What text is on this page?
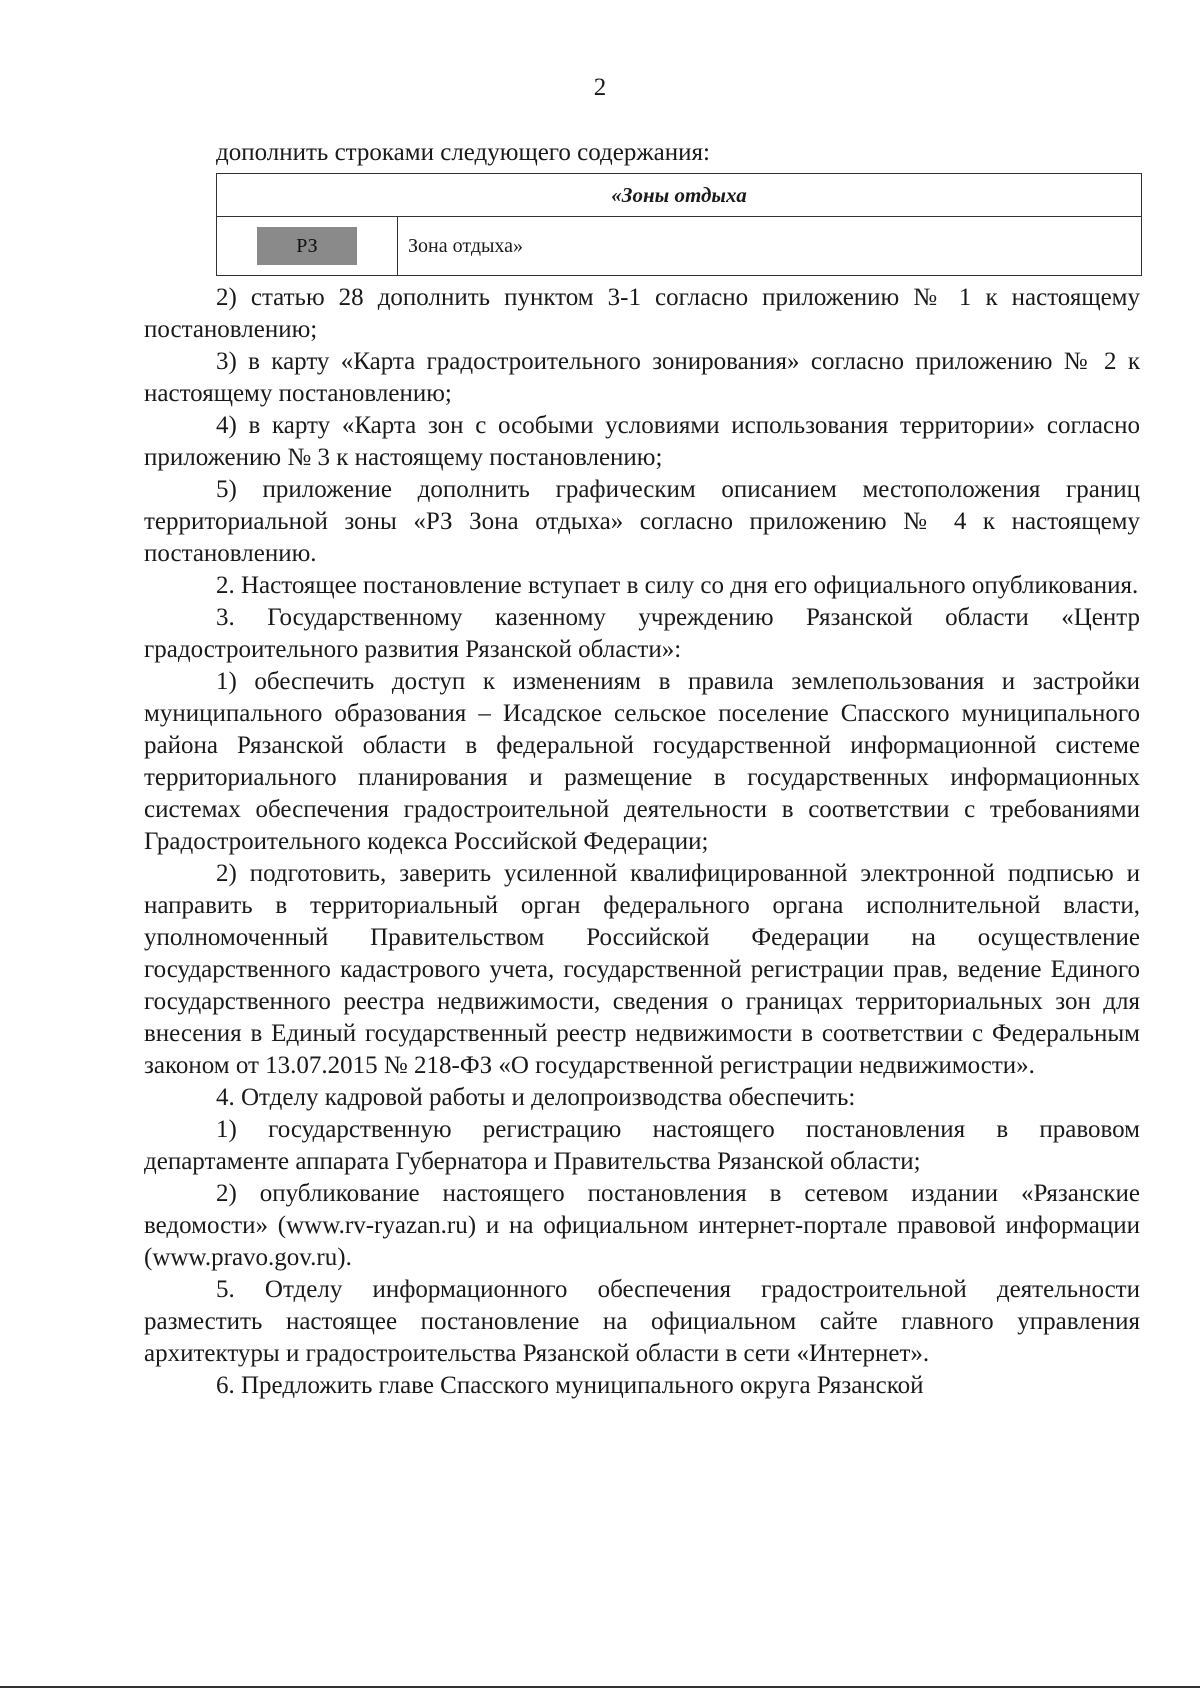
2
дополнить строками следующего содержания:
«Зоны отдыха
РЗ	Зона отдыха»

2) статью 28 дополнить пунктом 3-1 согласно приложению № 1 к настоящему постановлению;

3) в карту «Карта градостроительного зонирования» согласно приложению № 2 к настоящему постановлению;

4) в карту «Карта зон с особыми условиями использования территории» согласно приложению № 3 к настоящему постановлению;

5) приложение дополнить графическим описанием местоположения границ территориальной зоны «РЗ Зона отдыха» согласно приложению № 4 к настоящему постановлению.

2. Настоящее постановление вступает в силу со дня его официального опубликования.

3. Государственному казенному учреждению Рязанской области «Центр градостроительного развития Рязанской области»:

1) обеспечить доступ к изменениям в правила землепользования и застройки муниципального образования – Исадское сельское поселение Спасского муниципального района Рязанской области в федеральной государственной информационной системе территориального планирования и размещение в государственных информационных системах обеспечения градостроительной деятельности в соответствии с требованиями Градостроительного кодекса Российской Федерации;

2) подготовить, заверить усиленной квалифицированной электронной подписью и направить в территориальный орган федерального органа исполнительной власти, уполномоченный Правительством Российской Федерации на осуществление государственного кадастрового учета, государственной регистрации прав, ведение Единого государственного реестра недвижимости, сведения о границах территориальных зон для внесения в Единый государственный реестр недвижимости в соответствии с Федеральным законом от 13.07.2015 № 218-ФЗ «О государственной регистрации недвижимости».

4. Отделу кадровой работы и делопроизводства обеспечить:

1) государственную регистрацию настоящего постановления в правовом департаменте аппарата Губернатора и Правительства Рязанской области;

2) опубликование настоящего постановления в сетевом издании «Рязанские ведомости» (www.rv-ryazan.ru) и на официальном интернет-портале правовой информации (www.pravo.gov.ru).

5. Отделу информационного обеспечения градостроительной деятельности разместить настоящее постановление на официальном сайте главного управления архитектуры и градостроительства Рязанской области в сети «Интернет».

6. Предложить главе Спасского муниципального округа Рязанской
